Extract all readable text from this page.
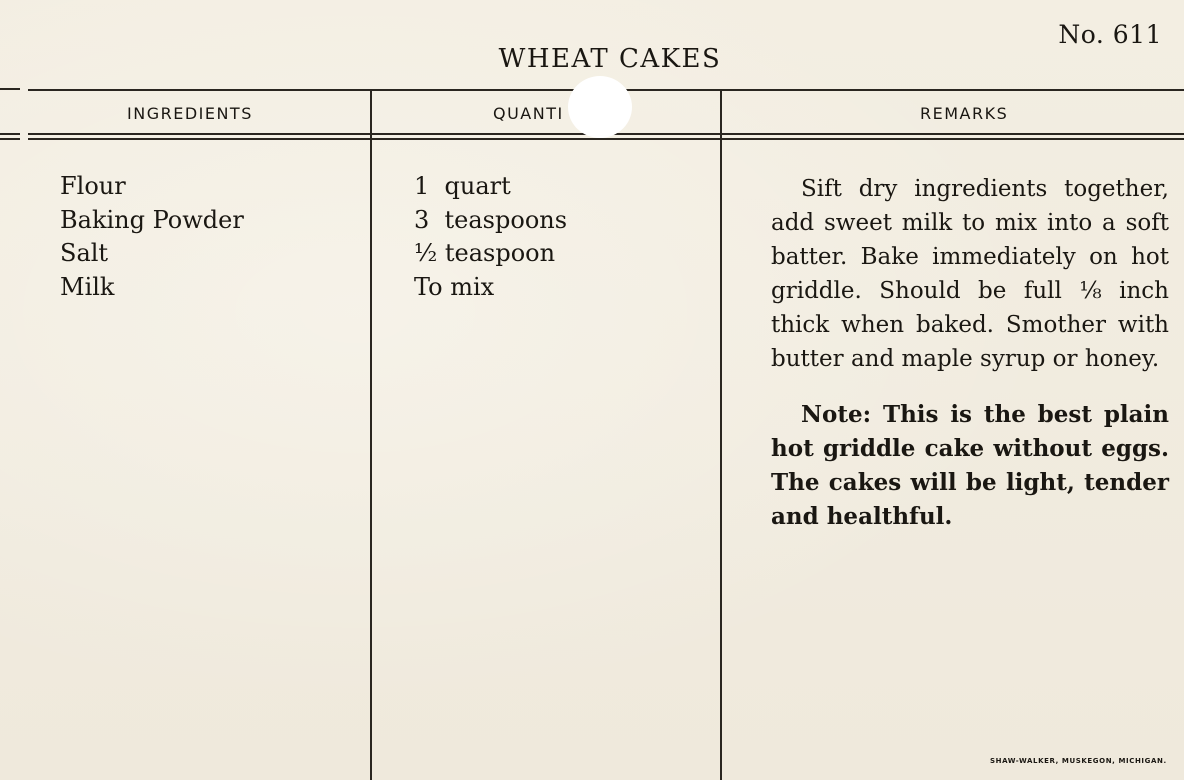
No. 611
WHEAT CAKES
INGREDIENTS	QUANTI	REMARKS
Flour
Baking Powder
Salt
Milk
1  quart
3  teaspoons
½ teaspoon
To mix

Sift dry ingredients together, add sweet milk to mix into a soft batter. Bake immediately on hot griddle. Should be full ⅛ inch thick when baked. Smother with butter and maple syrup or honey.

Note: This is the best plain hot griddle cake without eggs. The cakes will be light, tender and healthful.

SHAW-WALKER, MUSKEGON, MICHIGAN.
